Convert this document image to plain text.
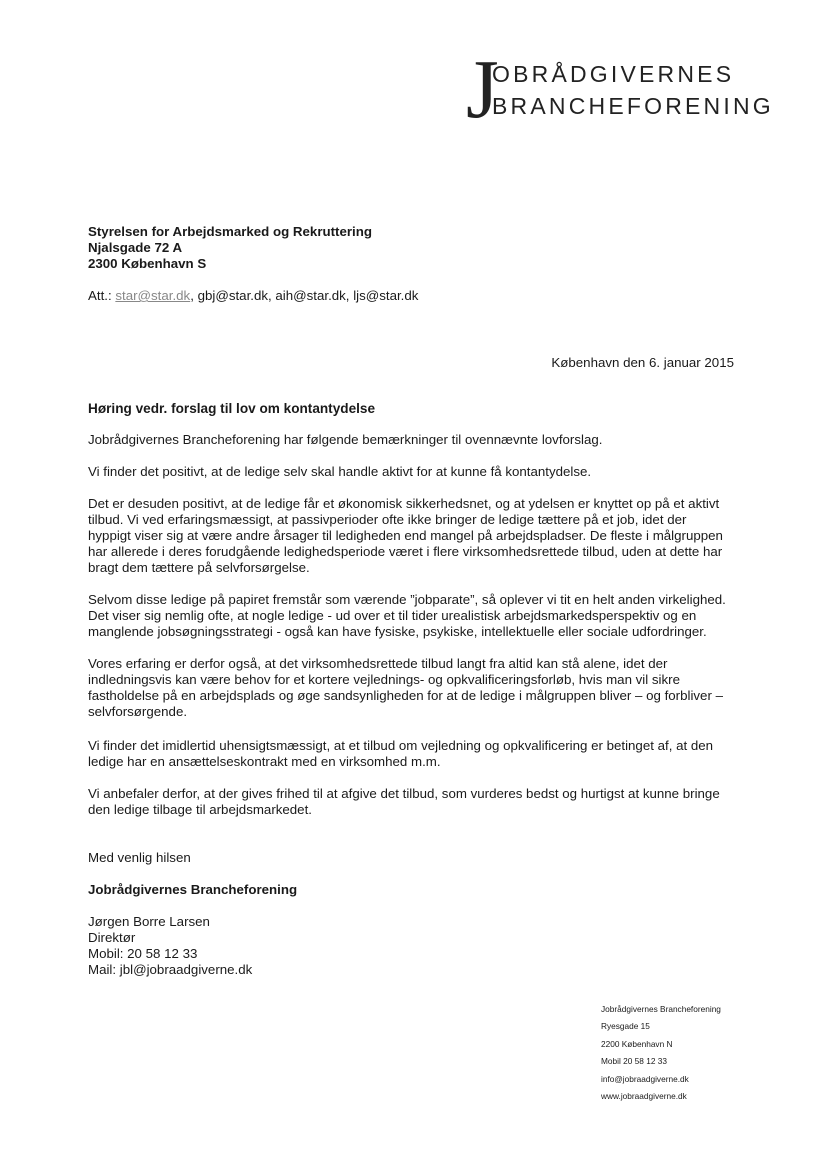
J
OBRÅDGIVERNES
BRANCHEFORENING
Styrelsen for Arbejdsmarked og Rekruttering
Njalsgade 72 A
2300 København S
Att.: star@star.dk, gbj@star.dk, aih@star.dk, ljs@star.dk
København den 6. januar 2015
Høring vedr. forslag til lov om kontantydelse
Jobrådgivernes Brancheforening har følgende bemærkninger til ovennævnte lovforslag.
Vi finder det positivt, at de ledige selv skal handle aktivt for at kunne få kontantydelse.
Det er desuden positivt, at de ledige får et økonomisk sikkerhedsnet, og at ydelsen er knyttet op på et aktivt
tilbud. Vi ved erfaringsmæssigt, at passivperioder ofte ikke bringer de ledige tættere på et job, idet der
hyppigt viser sig at være andre årsager til ledigheden end mangel på arbejdspladser. De fleste i målgruppen
har allerede i deres forudgående ledighedsperiode været i flere virksomhedsrettede tilbud, uden at dette har
bragt dem tættere på selvforsørgelse.
Selvom disse ledige på papiret fremstår som værende ”jobparate”, så oplever vi tit en helt anden virkelighed.
Det viser sig nemlig ofte, at nogle ledige - ud over et til tider urealistisk arbejdsmarkedsperspektiv og en
manglende jobsøgningsstrategi - også kan have fysiske, psykiske, intellektuelle eller sociale udfordringer.
Vores erfaring er derfor også, at det virksomhedsrettede tilbud langt fra altid kan stå alene, idet der
indledningsvis kan være behov for et kortere vejlednings- og opkvalificeringsforløb, hvis man vil sikre
fastholdelse på en arbejdsplads og øge sandsynligheden for at de ledige i målgruppen bliver – og forbliver –
selvforsørgende.
Vi finder det imidlertid uhensigtsmæssigt, at et tilbud om vejledning og opkvalificering er betinget af, at den
ledige har en ansættelseskontrakt med en virksomhed m.m.
Vi anbefaler derfor, at der gives frihed til at afgive det tilbud, som vurderes bedst og hurtigst at kunne bringe
den ledige tilbage til arbejdsmarkedet.
Med venlig hilsen
Jobrådgivernes Brancheforening
Jørgen Borre Larsen
Direktør
Mobil: 20 58 12 33
Mail: jbl@jobraadgiverne.dk
Jobrådgivernes Brancheforening
Ryesgade 15
2200 København N
Mobil 20 58 12 33
info@jobraadgiverne.dk
www.jobraadgiverne.dk
